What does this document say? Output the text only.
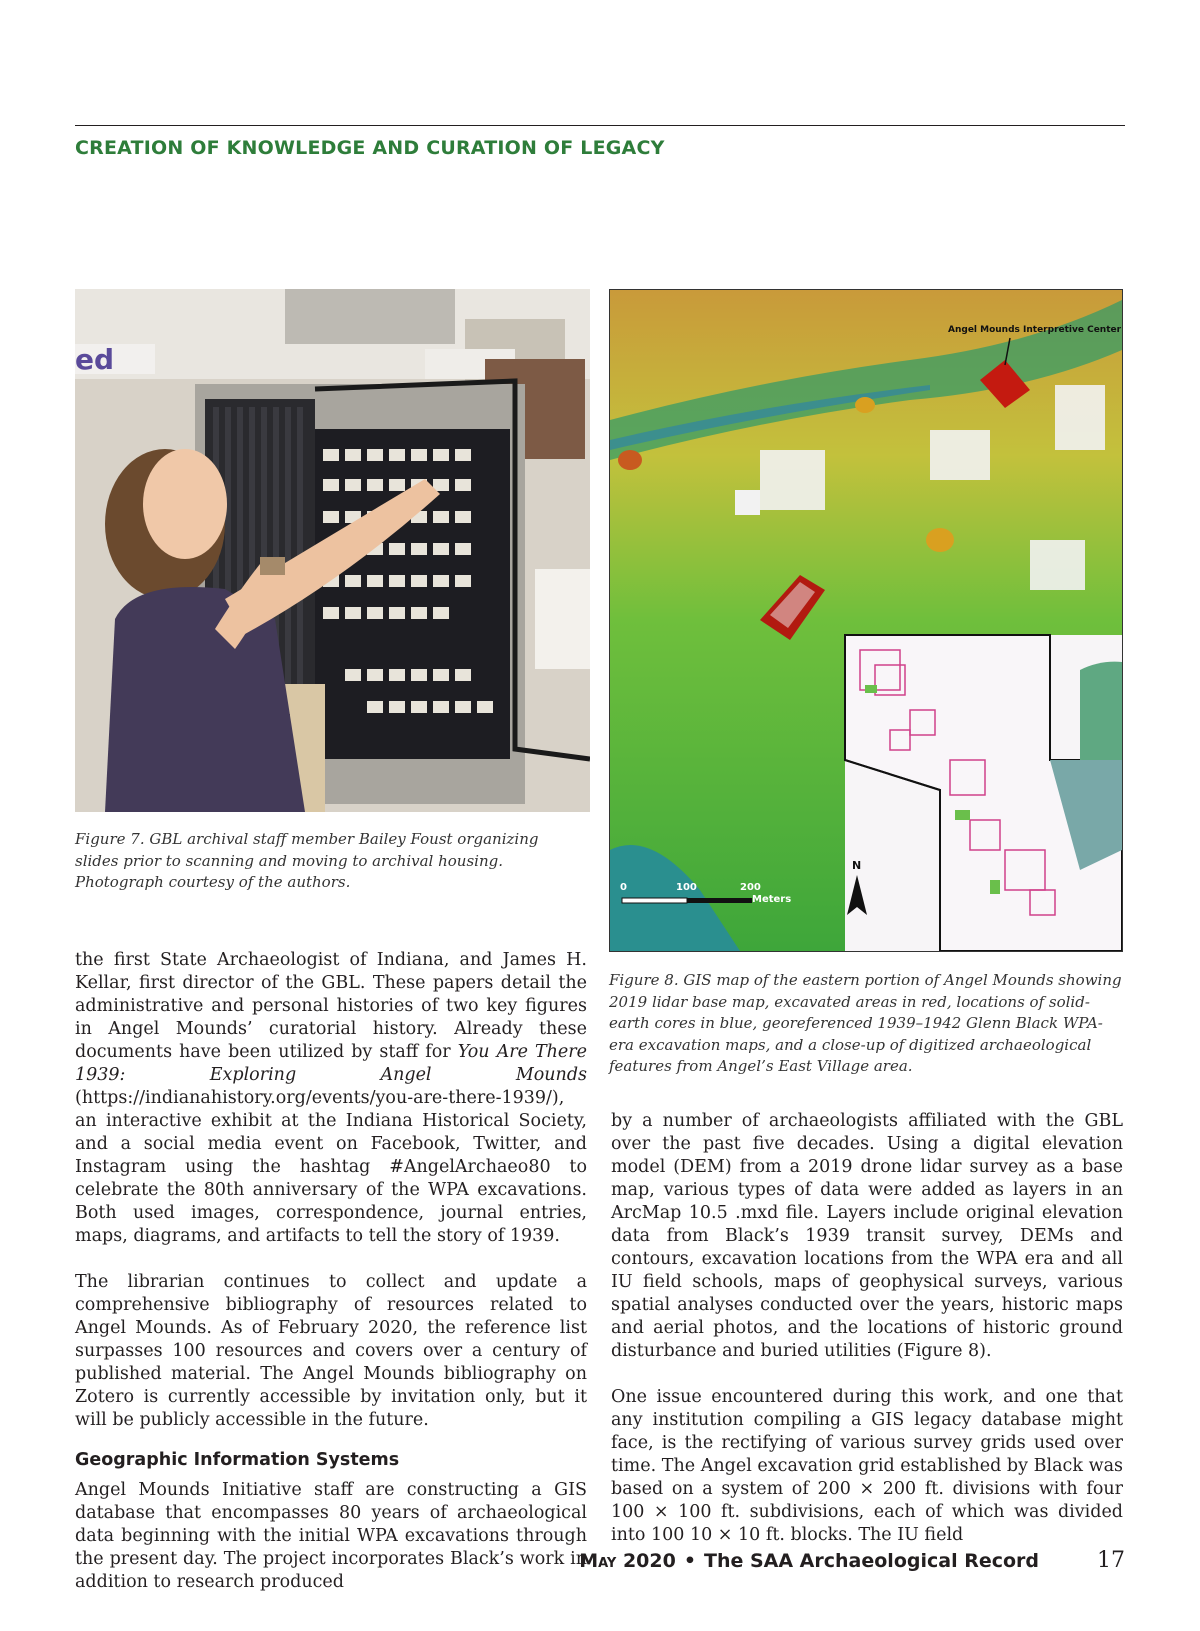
CREATION OF KNOWLEDGE AND CURATION OF LEGACY
ed
Figure 7. GBL archival staff member Bailey Foust organizing slides prior to scanning and moving to archival housing. Photograph courtesy of the authors.	0	100	200
Meters
N
Angel Mounds Interpretive Center
Figure 8. GIS map of the eastern portion of Angel Mounds showing 2019 lidar base map, excavated areas in red, locations of solid-earth cores in blue, georeferenced 1939–1942 Glenn Black WPA-era excavation maps, and a close-up of digitized archaeological features from Angel’s East Village area.

the first State Archaeologist of Indiana, and James H. Kellar, first director of the GBL. These papers detail the administrative and personal histories of two key figures in Angel Mounds’ curatorial history. Already these documents have been utilized by staff for You Are There 1939: Exploring Angel Mounds (https://indianahistory.org/events/you-are-there-1939/), an interactive exhibit at the Indiana Historical Society, and a social media event on Facebook, Twitter, and Instagram using the hashtag #AngelArchaeo80 to celebrate the 80th anniversary of the WPA excavations. Both used images, correspondence, journal entries, maps, diagrams, and artifacts to tell the story of 1939.

The librarian continues to collect and update a comprehensive bibliography of resources related to Angel Mounds. As of February 2020, the reference list surpasses 100 resources and covers over a century of published material. The Angel Mounds bibliography on Zotero is currently accessible by invitation only, but it will be publicly accessible in the future.

Geographic Information Systems

Angel Mounds Initiative staff are constructing a GIS database that encompasses 80 years of archaeological data beginning with the initial WPA excavations through the present day. The project incorporates Black’s work in addition to research produced

by a number of archaeologists affiliated with the GBL over the past five decades. Using a digital elevation model (DEM) from a 2019 drone lidar survey as a base map, various types of data were added as layers in an ArcMap 10.5 .mxd file. Layers include original elevation data from Black’s 1939 transit survey, DEMs and contours, excavation locations from the WPA era and all IU field schools, maps of geophysical surveys, various spatial analyses conducted over the years, historic maps and aerial photos, and the locations of historic ground disturbance and buried utilities (Figure 8).

One issue encountered during this work, and one that any institution compiling a GIS legacy database might face, is the rectifying of various survey grids used over time. The Angel excavation grid established by Black was based on a system of 200 × 200 ft. divisions with four 100 × 100 ft. subdivisions, each of which was divided into 100 10 × 10 ft. blocks. The IU field

May 2020 • The SAA Archaeological Record	17
